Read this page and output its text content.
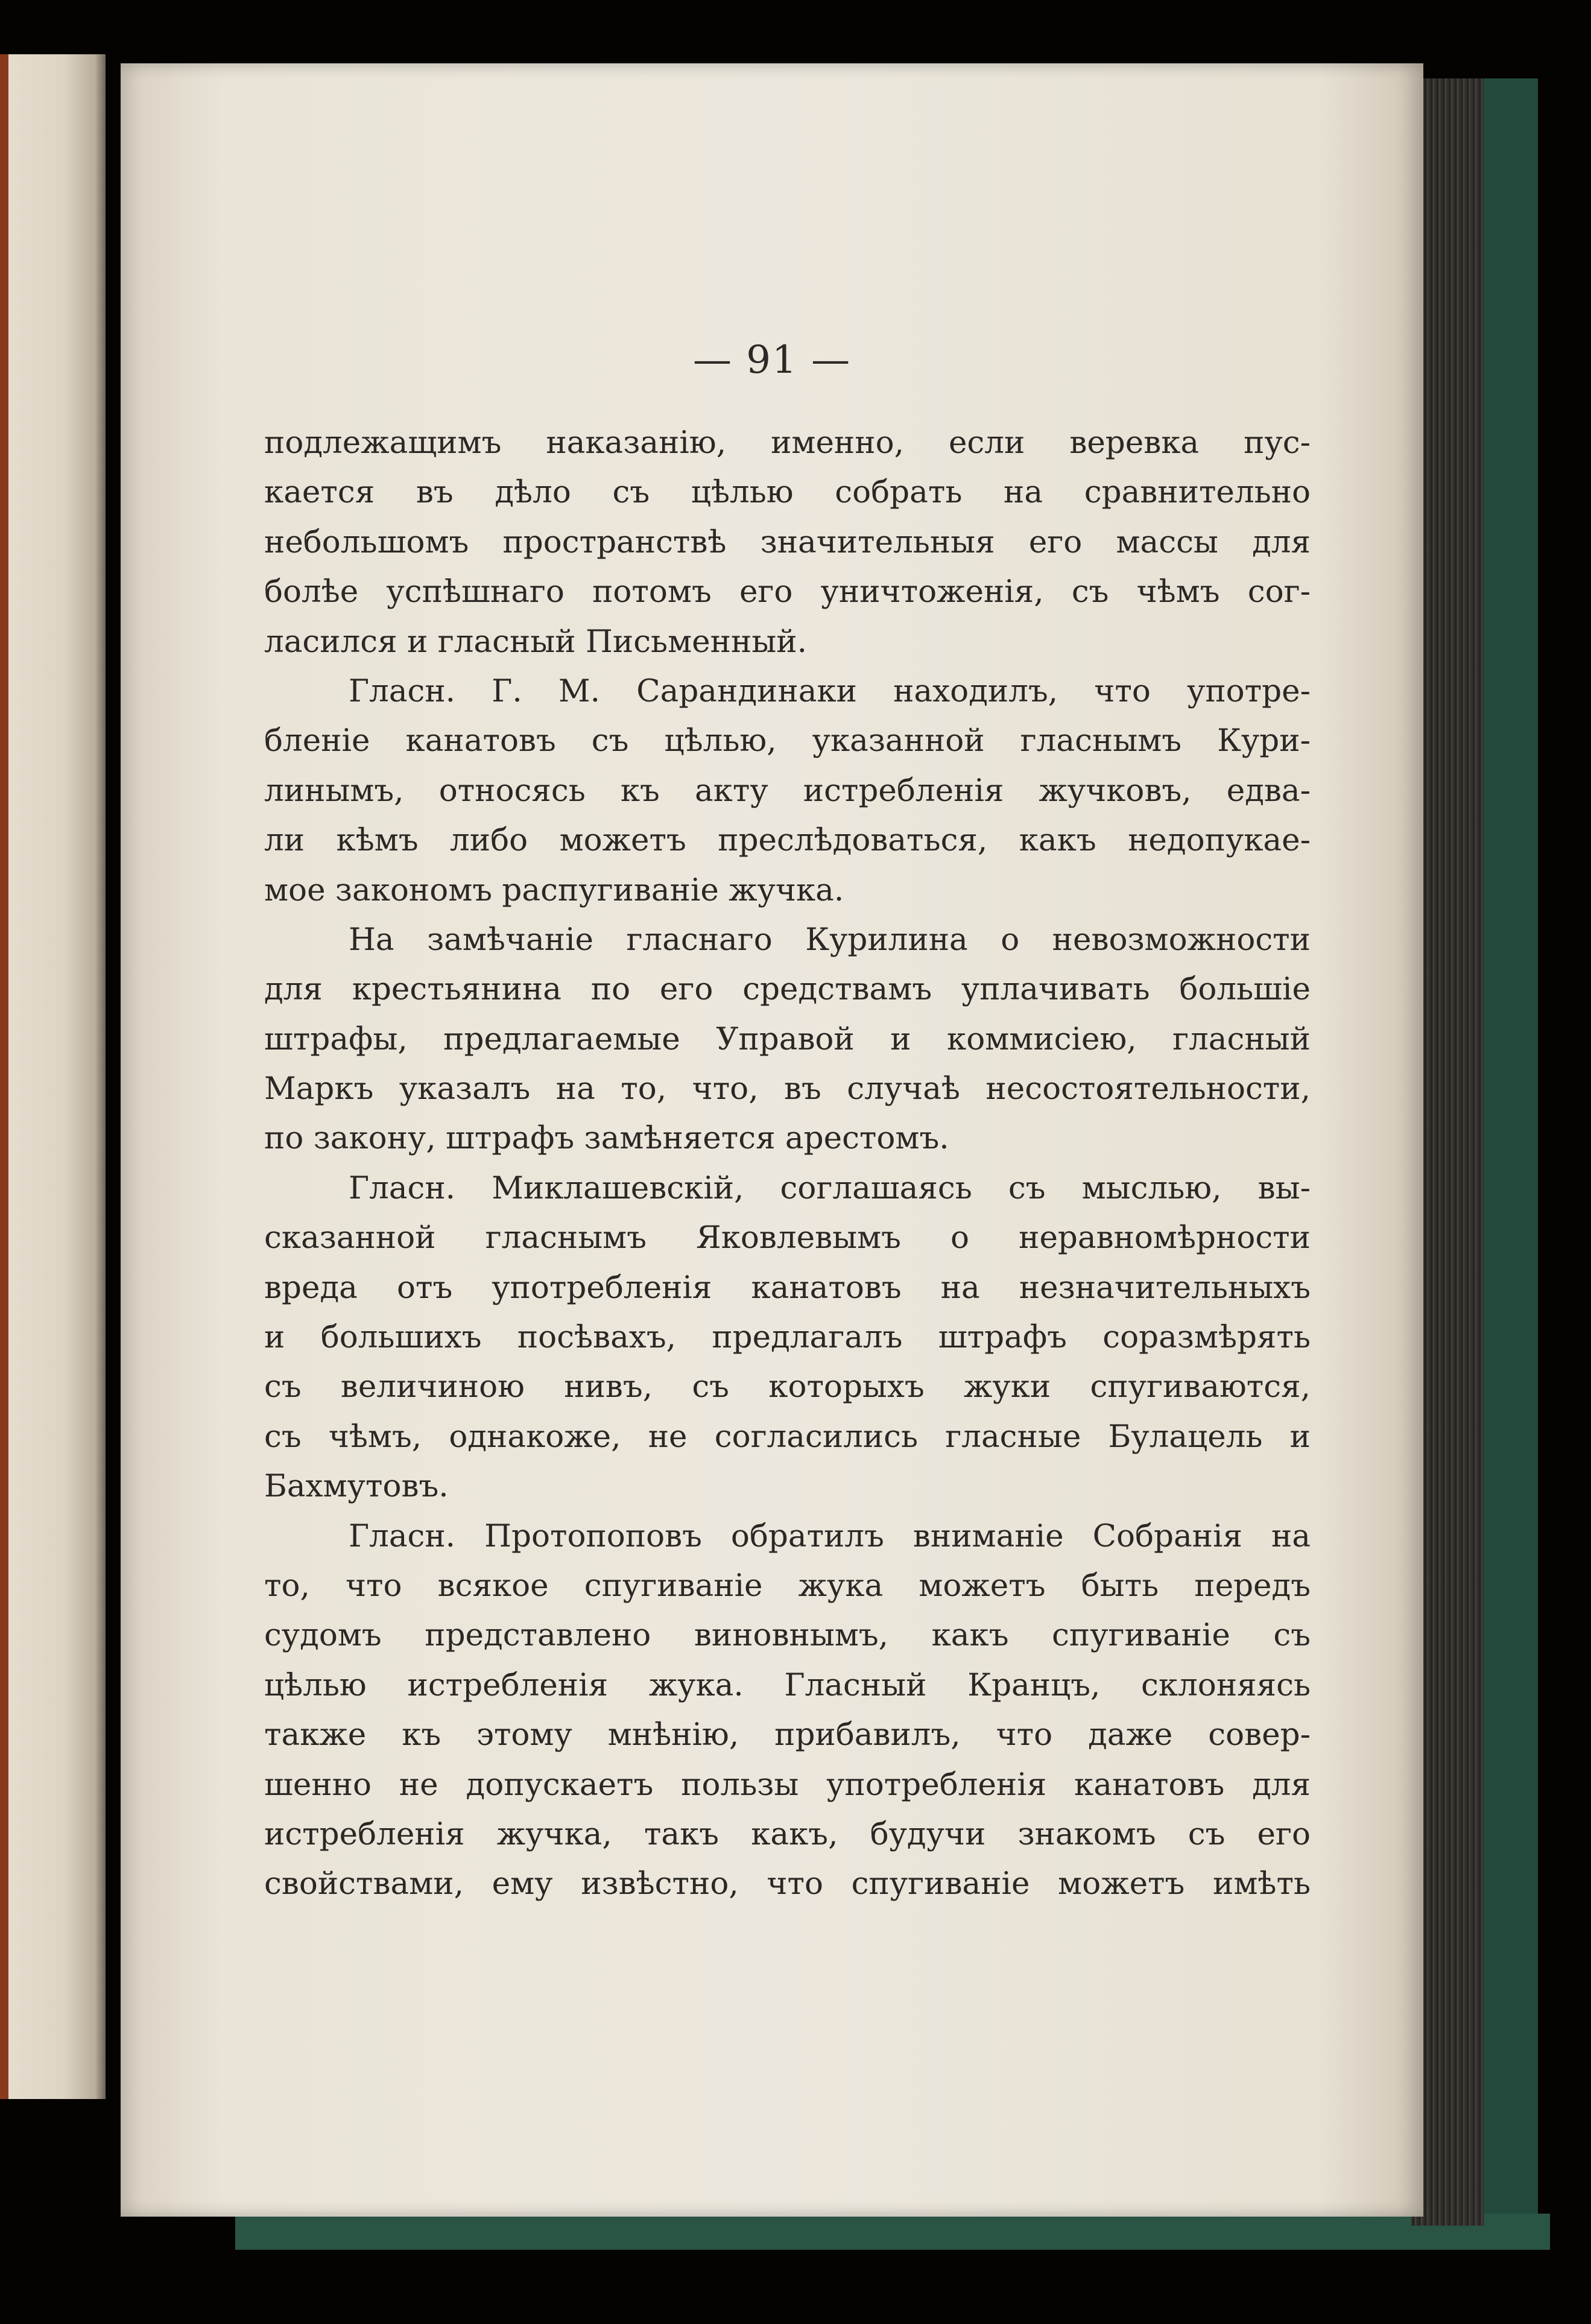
— 91 —
подлежащимъ наказанію, именно, если веревка пус-
кается въ дѣло съ цѣлью собрать на сравнительно
небольшомъ пространствѣ значительныя его массы для
болѣе успѣшнаго потомъ его уничтоженія, съ чѣмъ сог-
ласился и гласный Письменный.
Гласн. Г. М. Сарандинаки находилъ, что употре-
бленіе канатовъ съ цѣлью, указанной гласнымъ Кури-
линымъ, относясь къ акту истребленія жучковъ, едва-
ли кѣмъ либо можетъ преслѣдоваться, какъ недопукае-
мое закономъ распугиваніе жучка.
На замѣчаніе гласнаго Курилина о невозможности
для крестьянина по его средствамъ уплачивать большіе
штрафы, предлагаемые Управой и коммисіею, гласный
Маркъ указалъ на то, что, въ случаѣ несостоятельности,
по закону, штрафъ замѣняется арестомъ.
Гласн. Миклашевскій, соглашаясь съ мыслью, вы-
сказанной гласнымъ Яковлевымъ о неравномѣрности
вреда отъ употребленія канатовъ на незначительныхъ
и большихъ посѣвахъ, предлагалъ штрафъ соразмѣрять
съ величиною нивъ, съ которыхъ жуки спугиваются,
съ чѣмъ, однакоже, не согласились гласные Булацель и
Бахмутовъ.
Гласн. Протопоповъ обратилъ вниманіе Собранія на
то, что всякое спугиваніе жука можетъ быть передъ
судомъ представлено виновнымъ, какъ спугиваніе съ
цѣлью истребленія жука. Гласный Кранцъ, склоняясь
также къ этому мнѣнію, прибавилъ, что даже совер-
шенно не допускаетъ пользы употребленія канатовъ для
истребленія жучка, такъ какъ, будучи знакомъ съ его
свойствами, ему извѣстно, что спугиваніе можетъ имѣть
